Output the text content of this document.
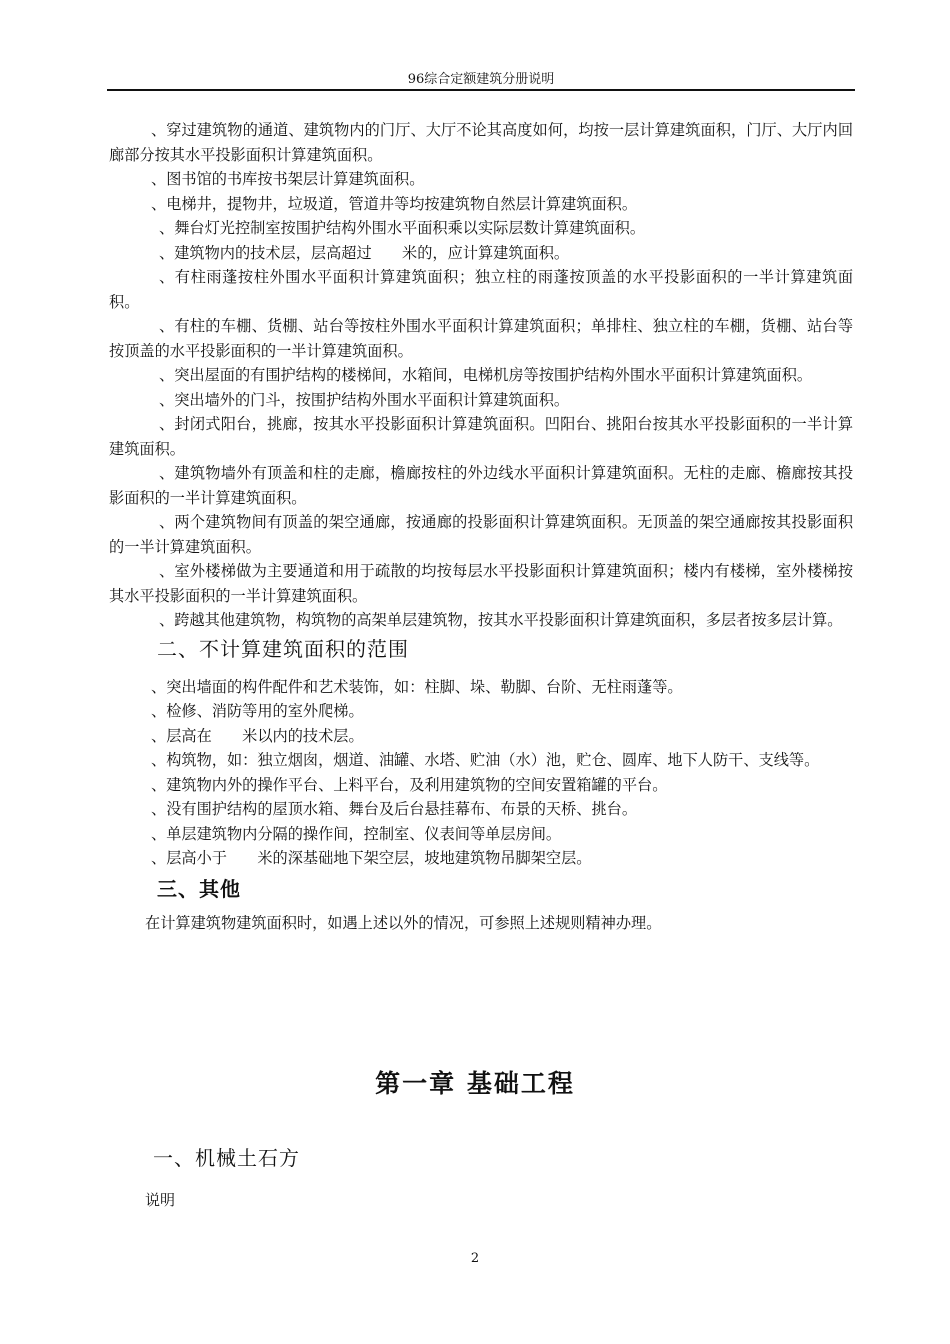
96综合定额建筑分册说明

、穿过建筑物的通道、建筑物内的门厅、大厅不论其高度如何，均按一层计算建筑面积，门厅、大厅内回廊部分按其水平投影面积计算建筑面积。

、图书馆的书库按书架层计算建筑面积。

、电梯井，提物井，垃圾道，管道井等均按建筑物自然层计算建筑面积。

、舞台灯光控制室按围护结构外围水平面积乘以实际层数计算建筑面积。

、建筑物内的技术层，层高超过　　米的，应计算建筑面积。

、有柱雨蓬按柱外围水平面积计算建筑面积；独立柱的雨蓬按顶盖的水平投影面积的一半计算建筑面积。

、有柱的车棚、货棚、站台等按柱外围水平面积计算建筑面积；单排柱、独立柱的车棚，货棚、站台等按顶盖的水平投影面积的一半计算建筑面积。

、突出屋面的有围护结构的楼梯间，水箱间，电梯机房等按围护结构外围水平面积计算建筑面积。

、突出墙外的门斗，按围护结构外围水平面积计算建筑面积。

、封闭式阳台，挑廊，按其水平投影面积计算建筑面积。凹阳台、挑阳台按其水平投影面积的一半计算建筑面积。

、建筑物墙外有顶盖和柱的走廊，檐廊按柱的外边线水平面积计算建筑面积。无柱的走廊、檐廊按其投影面积的一半计算建筑面积。

、两个建筑物间有顶盖的架空通廊，按通廊的投影面积计算建筑面积。无顶盖的架空通廊按其投影面积的一半计算建筑面积。

、室外楼梯做为主要通道和用于疏散的均按每层水平投影面积计算建筑面积；楼内有楼梯，室外楼梯按其水平投影面积的一半计算建筑面积。

、跨越其他建筑物，构筑物的高架单层建筑物，按其水平投影面积计算建筑面积，多层者按多层计算。

二、不计算建筑面积的范围

、突出墙面的构件配件和艺术装饰，如：柱脚、垛、勒脚、台阶、无柱雨蓬等。

、检修、消防等用的室外爬梯。

、层高在　　米以内的技术层。

、构筑物，如：独立烟囱，烟道、油罐、水塔、贮油（水）池，贮仓、圆库、地下人防干、支线等。

、建筑物内外的操作平台、上料平台，及利用建筑物的空间安置箱罐的平台。

、没有围护结构的屋顶水箱、舞台及后台悬挂幕布、布景的天桥、挑台。

、单层建筑物内分隔的操作间，控制室、仪表间等单层房间。

、层高小于　　米的深基础地下架空层，坡地建筑物吊脚架空层。

三、其他

在计算建筑物建筑面积时，如遇上述以外的情况，可参照上述规则精神办理。

第一章 基础工程
一、机械土石方
说明
2
